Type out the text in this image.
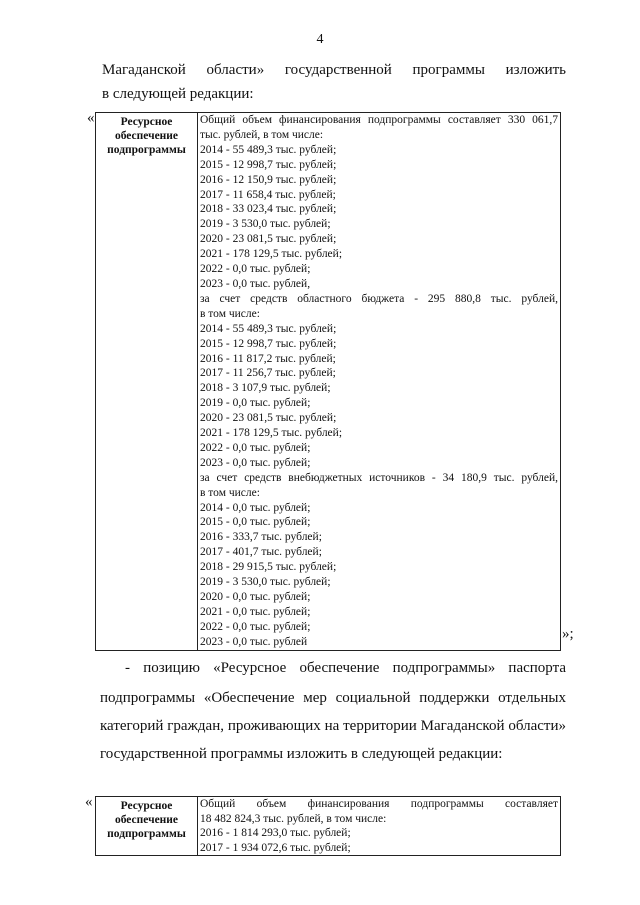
4
Магаданской области» государственной программы изложить
в следующей редакции:
«	Ресурсное
обеспечение
подпрограммы

Общий объем финансирования подпрограммы составляет 330 061,7
тыс. рублей, в том числе:
2014 - 55 489,3 тыс. рублей;
2015 - 12 998,7 тыс. рублей;
2016 - 12 150,9 тыс. рублей;
2017 - 11 658,4 тыс. рублей;
2018 - 33 023,4 тыс. рублей;
2019 - 3 530,0 тыс. рублей;
2020 - 23 081,5 тыс. рублей;
2021 - 178 129,5 тыс. рублей;
2022 - 0,0 тыс. рублей;
2023 - 0,0 тыс. рублей,
за счет средств областного бюджета - 295 880,8 тыс. рублей,
в том числе:
2014 - 55 489,3 тыс. рублей;
2015 - 12 998,7 тыс. рублей;
2016 - 11 817,2 тыс. рублей;
2017 - 11 256,7 тыс. рублей;
2018 - 3 107,9 тыс. рублей;
2019 - 0,0 тыс. рублей;
2020 - 23 081,5 тыс. рублей;
2021 - 178 129,5 тыс. рублей;
2022 - 0,0 тыс. рублей;
2023 - 0,0 тыс. рублей;
за счет средств внебюджетных источников - 34 180,9 тыс. рублей,
в том числе:
2014 - 0,0 тыс. рублей;
2015 - 0,0 тыс. рублей;
2016 - 333,7 тыс. рублей;
2017 - 401,7 тыс. рублей;
2018 - 29 915,5 тыс. рублей;
2019 - 3 530,0 тыс. рублей;
2020 - 0,0 тыс. рублей;
2021 - 0,0 тыс. рублей;
2022 - 0,0 тыс. рублей;
2023 - 0,0 тыс. рублей	»;
- позицию «Ресурсное обеспечение подпрограммы» паспорта
подпрограммы «Обеспечение мер социальной поддержки отдельных
категорий граждан, проживающих на территории Магаданской области»
государственной программы изложить в следующей редакции:
«	Ресурсное
обеспечение
подпрограммы

Общий объем финансирования подпрограммы составляет
18 482 824,3 тыс. рублей, в том числе:
2016 - 1 814 293,0 тыс. рублей;
2017 - 1 934 072,6 тыс. рублей;
